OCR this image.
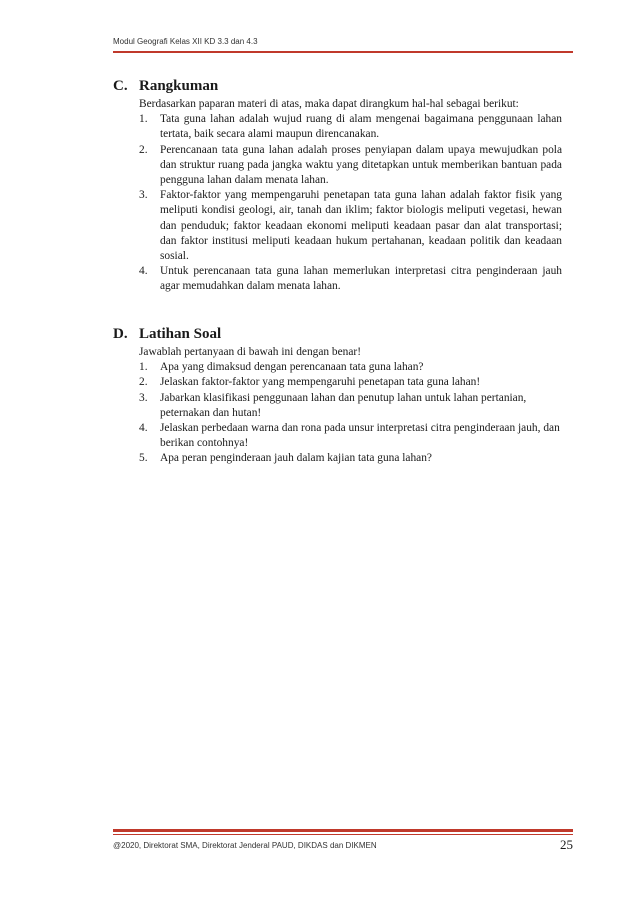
Modul Geografi Kelas XII KD 3.3 dan 4.3
C. Rangkuman
Berdasarkan paparan materi di atas, maka dapat dirangkum hal-hal sebagai berikut:
1.	Tata guna lahan adalah wujud ruang di alam mengenai bagaimana penggunaan lahan tertata, baik secara alami maupun direncanakan.
2.	Perencanaan tata guna lahan adalah proses penyiapan dalam upaya mewujudkan pola dan struktur ruang pada jangka waktu yang ditetapkan untuk memberikan bantuan pada pengguna lahan dalam menata lahan.
3.	Faktor-faktor yang mempengaruhi penetapan tata guna lahan adalah faktor fisik yang meliputi kondisi geologi, air, tanah dan iklim; faktor biologis meliputi vegetasi, hewan dan penduduk; faktor keadaan ekonomi meliputi keadaan pasar dan alat transportasi; dan faktor institusi meliputi keadaan hukum pertahanan, keadaan politik dan keadaan sosial.
4.	Untuk perencanaan tata guna lahan memerlukan interpretasi citra penginderaan jauh agar memudahkan dalam menata lahan.
D. Latihan Soal
Jawablah pertanyaan di bawah ini dengan benar!
1.	Apa yang dimaksud dengan perencanaan tata guna lahan?
2.	Jelaskan faktor-faktor yang mempengaruhi penetapan tata guna lahan!
3.	Jabarkan klasifikasi penggunaan lahan dan penutup lahan untuk lahan pertanian, peternakan dan hutan!
4.	Jelaskan perbedaan warna dan rona pada unsur interpretasi citra penginderaan jauh, dan berikan contohnya!
5.	Apa peran penginderaan jauh dalam kajian tata guna lahan?
@2020, Direktorat SMA, Direktorat Jenderal PAUD, DIKDAS dan DIKMEN	25
